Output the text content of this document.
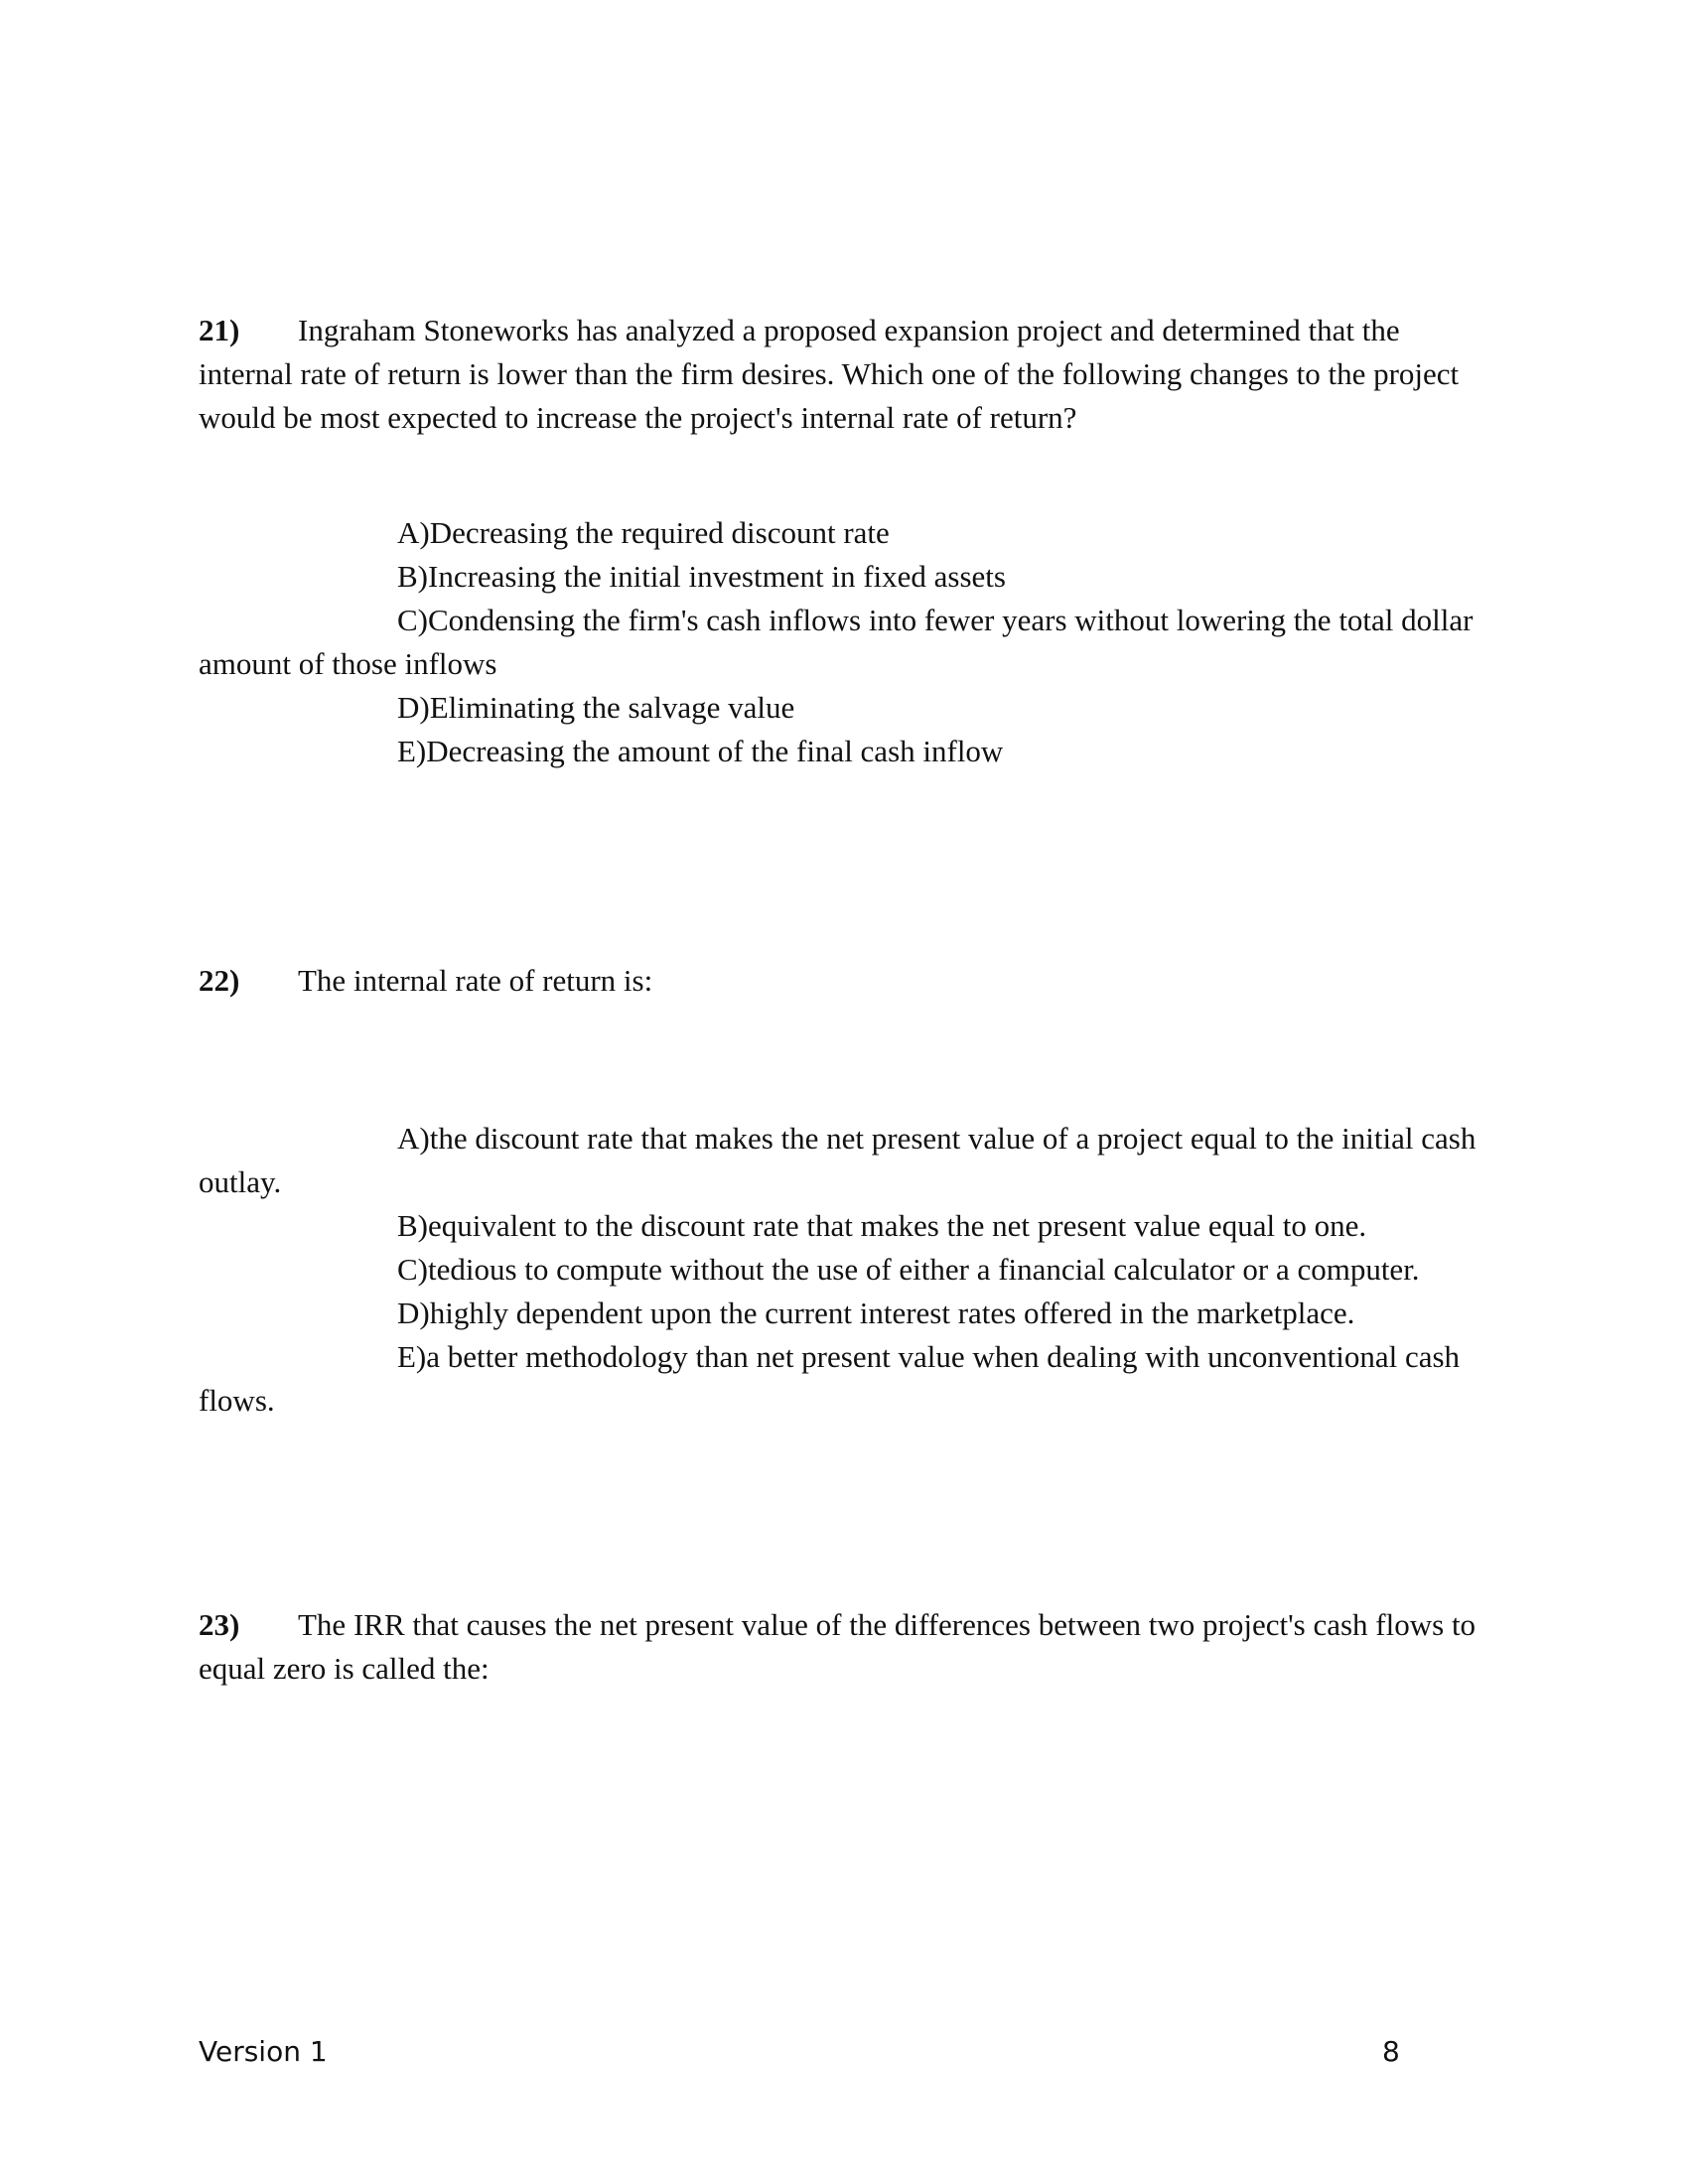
21) Ingraham Stoneworks has analyzed a proposed expansion project and determined that the internal rate of return is lower than the firm desires. Which one of the following changes to the project would be most expected to increase the project's internal rate of return?
A)Decreasing the required discount rate
B)Increasing the initial investment in fixed assets
C)Condensing the firm's cash inflows into fewer years without lowering the total dollar amount of those inflows
D)Eliminating the salvage value
E)Decreasing the amount of the final cash inflow
22) The internal rate of return is:
A)the discount rate that makes the net present value of a project equal to the initial cash outlay.
B)equivalent to the discount rate that makes the net present value equal to one.
C)tedious to compute without the use of either a financial calculator or a computer.
D)highly dependent upon the current interest rates offered in the marketplace.
E)a better methodology than net present value when dealing with unconventional cash flows.
23) The IRR that causes the net present value of the differences between two project's cash flows to equal zero is called the:
Version 1	8
